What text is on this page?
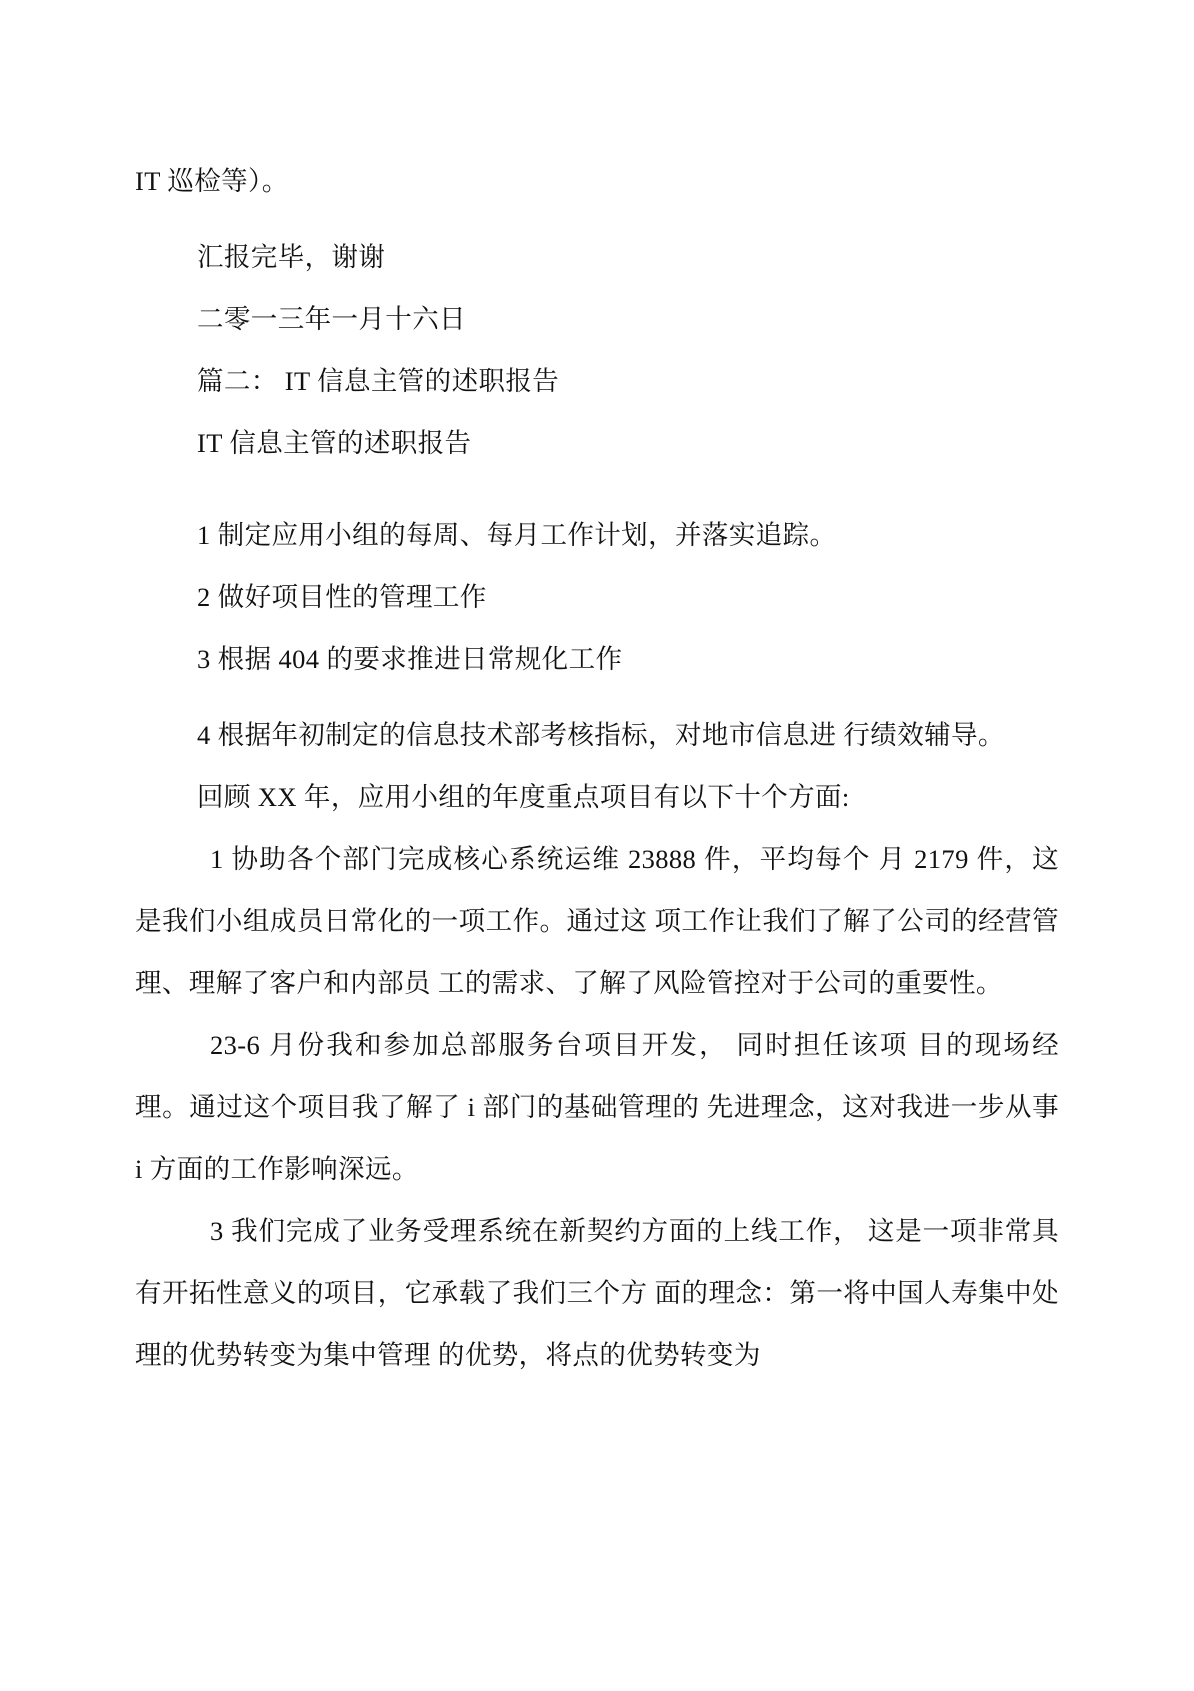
IT 巡检等）。

汇报完毕，谢谢

二零一三年一月十六日

篇二： IT 信息主管的述职报告

IT 信息主管的述职报告

1 制定应用小组的每周、每月工作计划，并落实追踪。

2 做好项目性的管理工作

3 根据 404 的要求推进日常规化工作

4 根据年初制定的信息技术部考核指标，对地市信息进 行绩效辅导。

回顾 XX 年，应用小组的年度重点项目有以下十个方面:

1 协助各个部门完成核心系统运维 23888 件，平均每个 月 2179 件，这是我们小组成员日常化的一项工作。通过这 项工作让我们了解了公司的经营管理、理解了客户和内部员 工的需求、了解了风险管控对于公司的重要性。

23-6 月份我和参加总部服务台项目开发， 同时担任该项 目的现场经理。通过这个项目我了解了 i 部门的基础管理的 先进理念，这对我进一步从事 i 方面的工作影响深远。

3 我们完成了业务受理系统在新契约方面的上线工作， 这是一项非常具有开拓性意义的项目，它承载了我们三个方 面的理念：第一将中国人寿集中处理的优势转变为集中管理 的优势，将点的优势转变为
